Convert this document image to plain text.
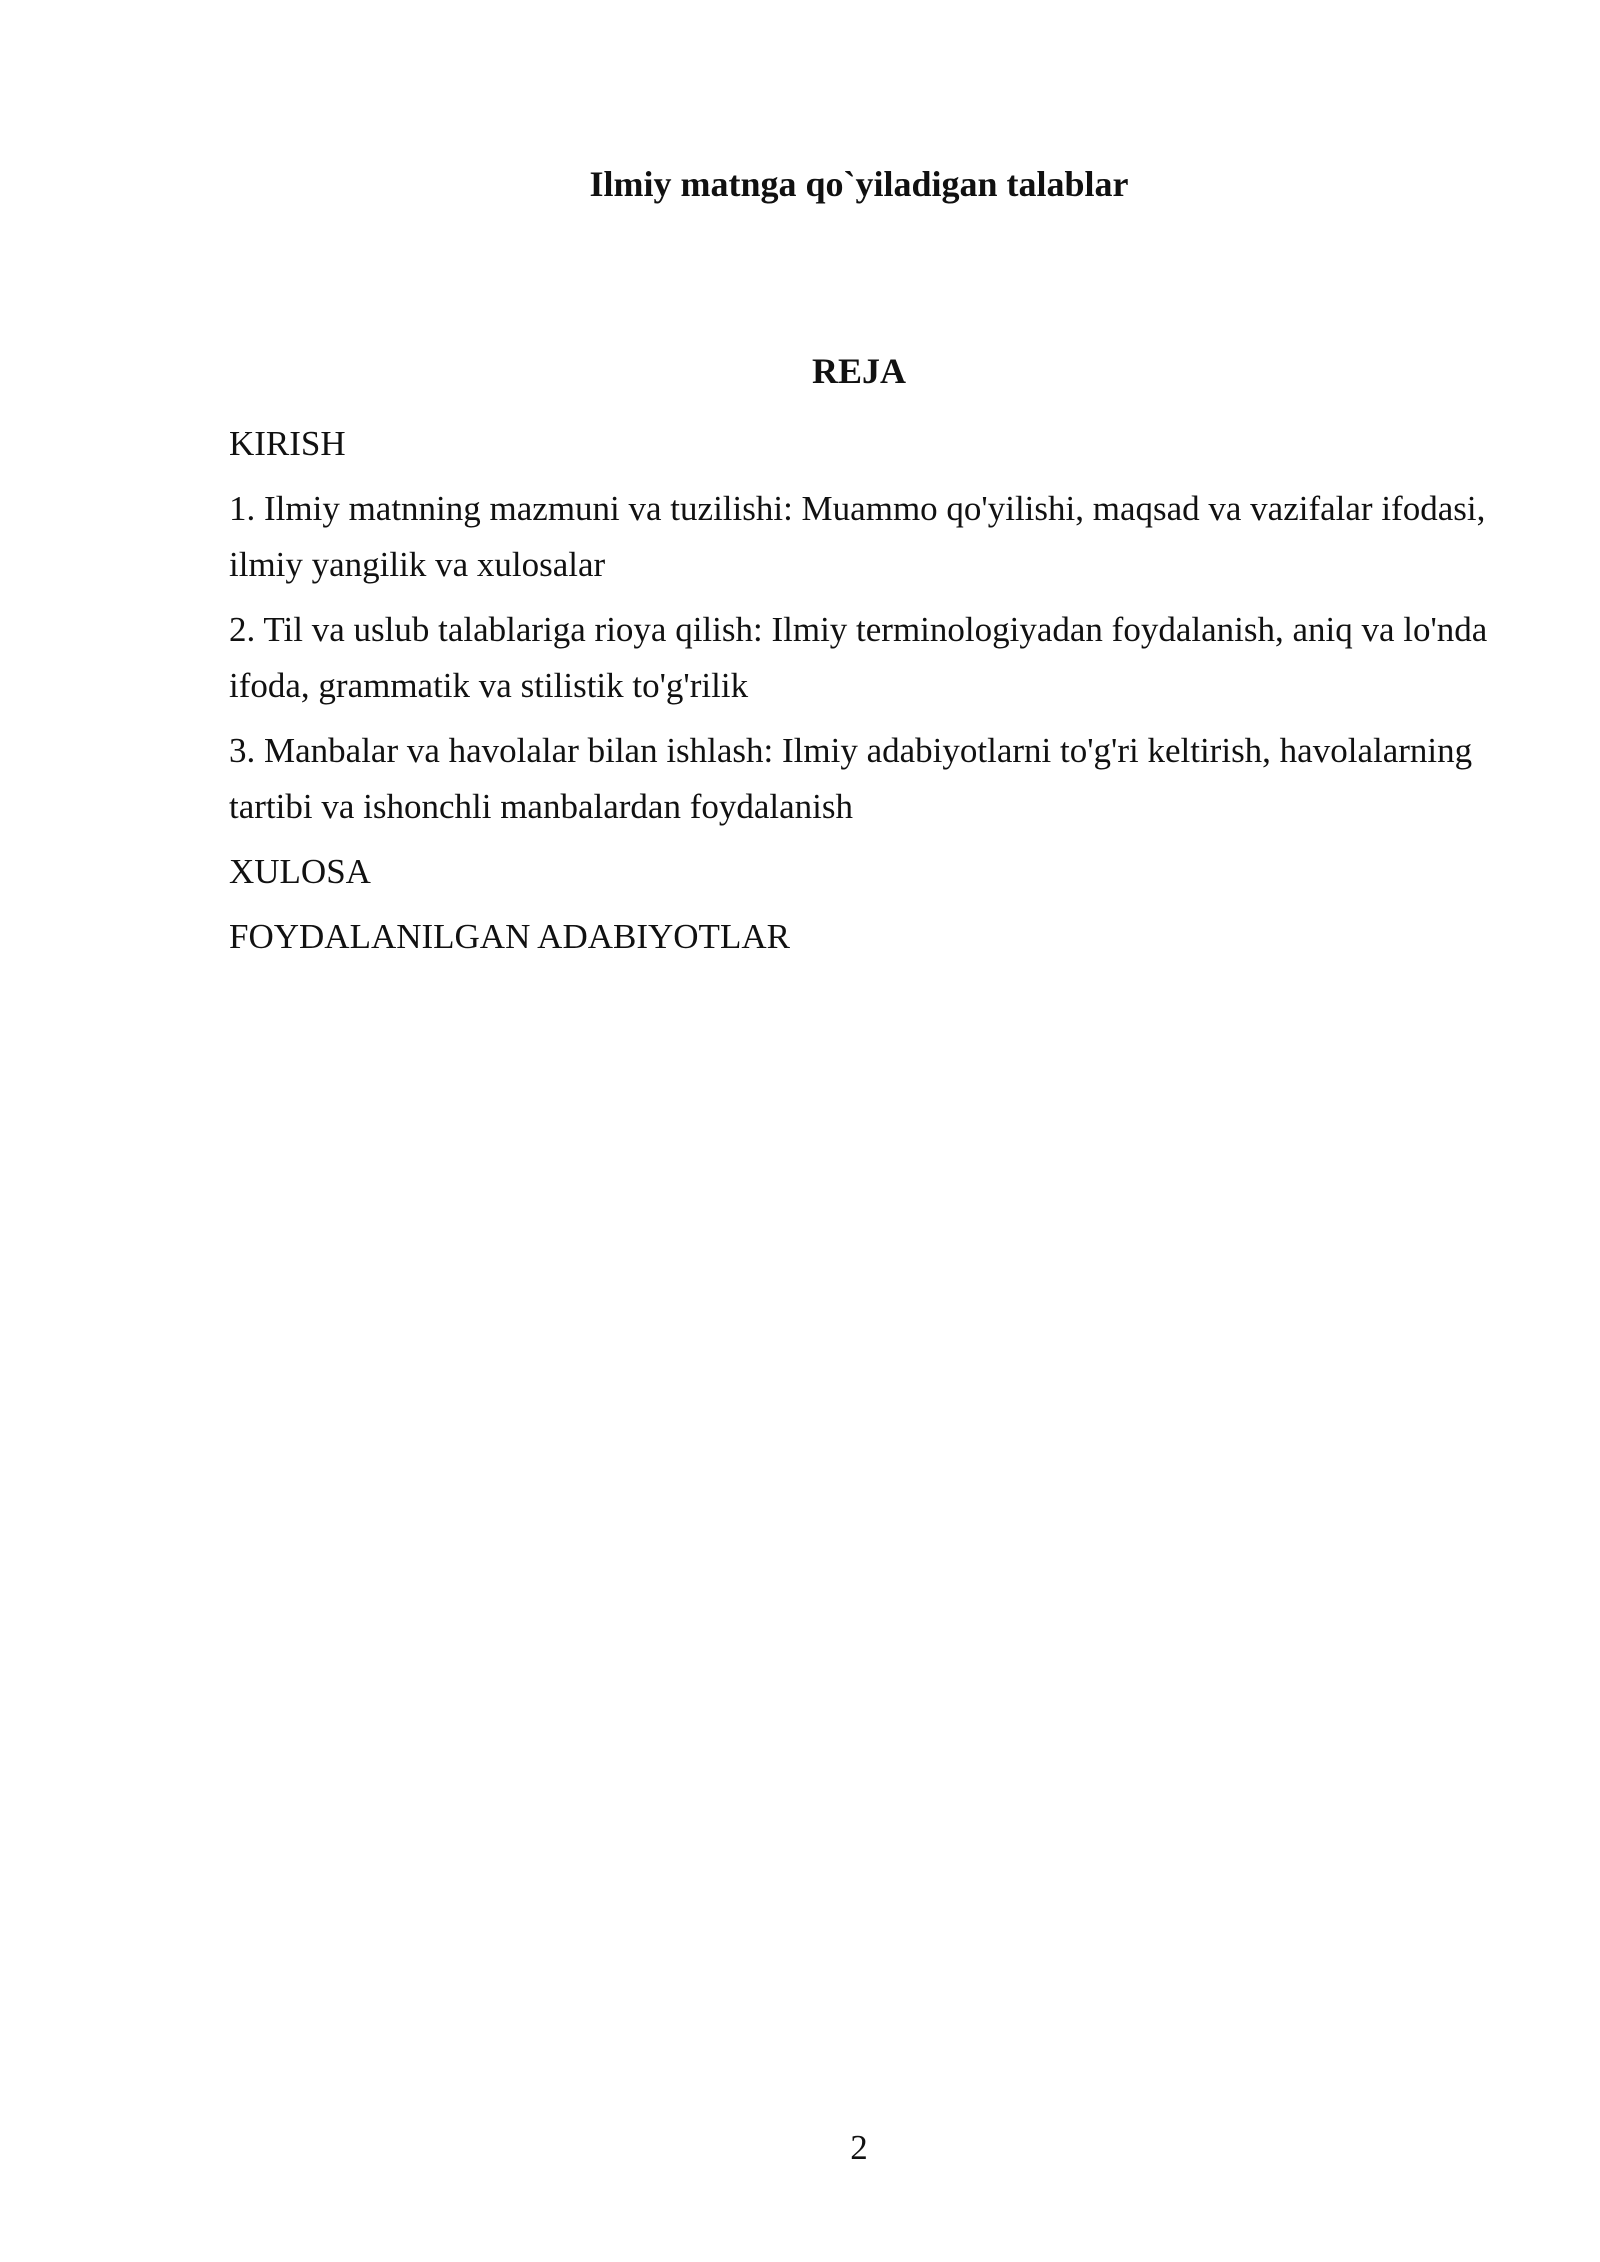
Ilmiy matnga qo`yiladigan talablar
REJA

KIRISH

1. Ilmiy matnning mazmuni va tuzilishi: Muammo qo'yilishi, maqsad va vazifalar ifodasi, ilmiy yangilik va xulosalar

2. Til va uslub talablariga rioya qilish: Ilmiy terminologiyadan foydalanish, aniq va lo'nda ifoda, grammatik va stilistik to'g'rilik

3. Manbalar va havolalar bilan ishlash: Ilmiy adabiyotlarni to'g'ri keltirish, havolalarning tartibi va ishonchli manbalardan foydalanish

XULOSA

FOYDALANILGAN ADABIYOTLAR

2
